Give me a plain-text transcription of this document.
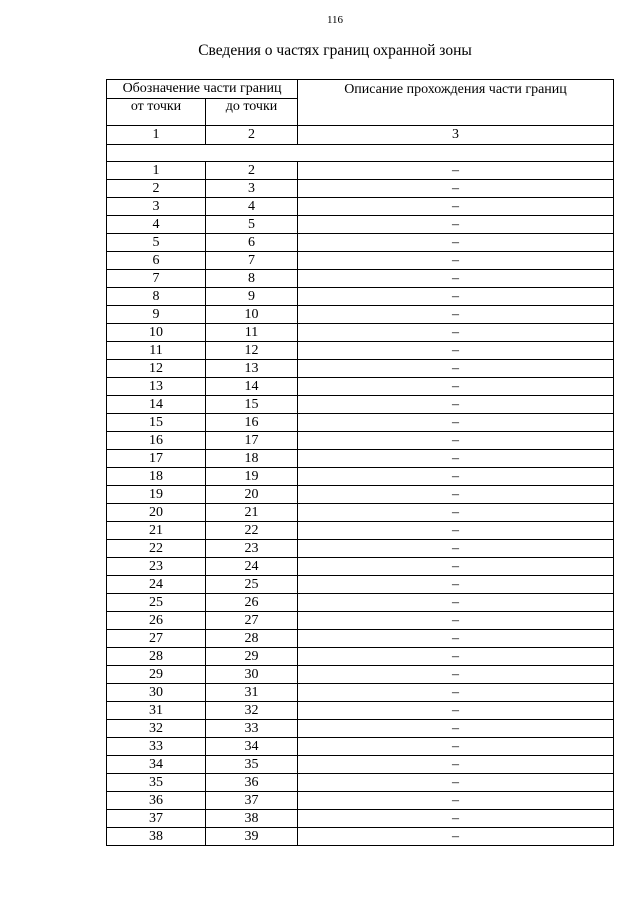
116
Сведения о частях границ охранной зоны
Обозначение части границ		Описание прохождения части границ
от точки	до точки	
1	2	3

1	2	–
2	3	–
3	4	–
4	5	–
5	6	–
6	7	–
7	8	–
8	9	–
9	10	–
10	11	–
11	12	–
12	13	–
13	14	–
14	15	–
15	16	–
16	17	–
17	18	–
18	19	–
19	20	–
20	21	–
21	22	–
22	23	–
23	24	–
24	25	–
25	26	–
26	27	–
27	28	–
28	29	–
29	30	–
30	31	–
31	32	–
32	33	–
33	34	–
34	35	–
35	36	–
36	37	–
37	38	–
38	39	–
